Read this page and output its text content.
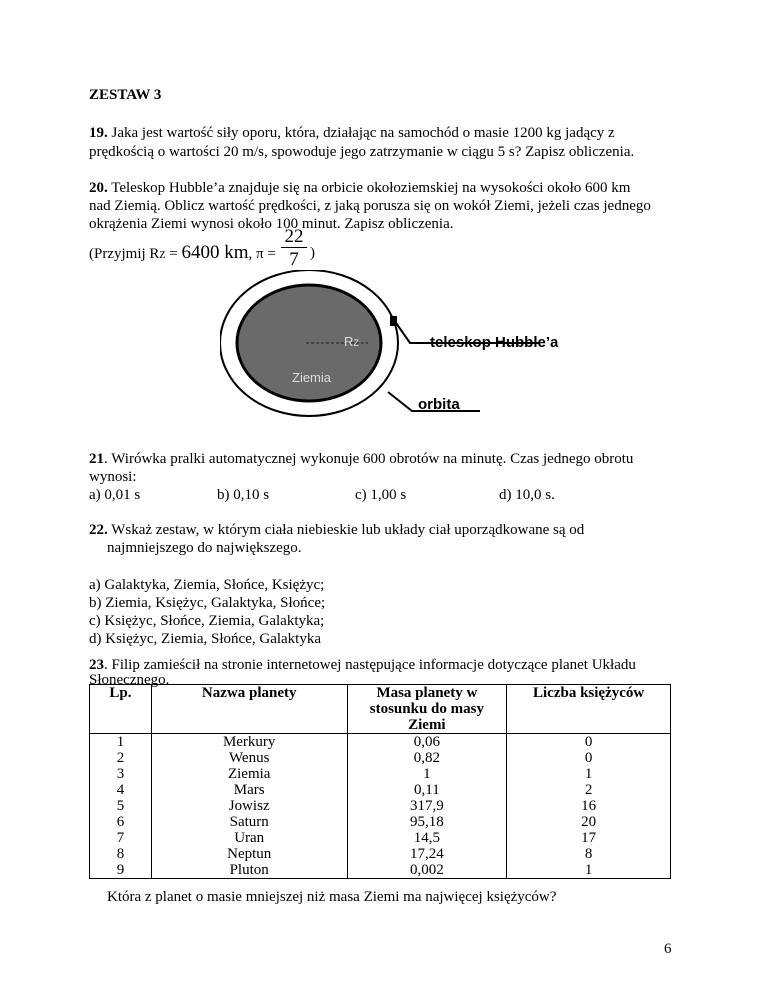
ZESTAW 3
19. Jaka jest wartość siły oporu, która, działając na samochód o masie 1200 kg jadący z
prędkością o wartości 20 m/s, spowoduje jego zatrzymanie w ciągu 5 s? Zapisz obliczenia.
20. Teleskop Hubble’a znajduje się na orbicie okołoziemskiej na wysokości około 600 km
nad Ziemią. Oblicz wartość prędkości, z jaką porusza się on wokół Ziemi, jeżeli czas jednego
okrążenia Ziemi wynosi około 100 minut. Zapisz obliczenia.
(Przyjmij RZ = 6400 km, π =
22
7 )
RZ
Ziemia
teleskop Hubble’a
orbita
21. Wirówka pralki automatycznej wykonuje 600 obrotów na minutę. Czas jednego obrotu
wynosi:
a) 0,01 s	b) 0,10 s	c) 1,00 s	d) 10,0 s.
22. Wskaż zestaw, w którym ciała niebieskie lub układy ciał uporządkowane są od
najmniejszego do największego.
a) Galaktyka, Ziemia, Słońce, Księżyc;
b) Ziemia, Księżyc, Galaktyka, Słońce;
c) Księżyc, Słońce, Ziemia, Galaktyka;
d) Księżyc, Ziemia, Słońce, Galaktyka
23. Filip zamieścił na stronie internetowej następujące informacje dotyczące planet Układu
Słonecznego.
Lp.	Nazwa planety	Masa planety w stosunku do masy Ziemi	Liczba księżyców
1	Merkury	0,06	0
2	Wenus	0,82	0
3	Ziemia	1	1
4	Mars	0,11	2
5	Jowisz	317,9	16
6	Saturn	95,18	20
7	Uran	14,5	17
8	Neptun	17,24	8
9	Pluton	0,002	1
Która z planet o masie mniejszej niż masa Ziemi ma najwięcej księżyców?
6
